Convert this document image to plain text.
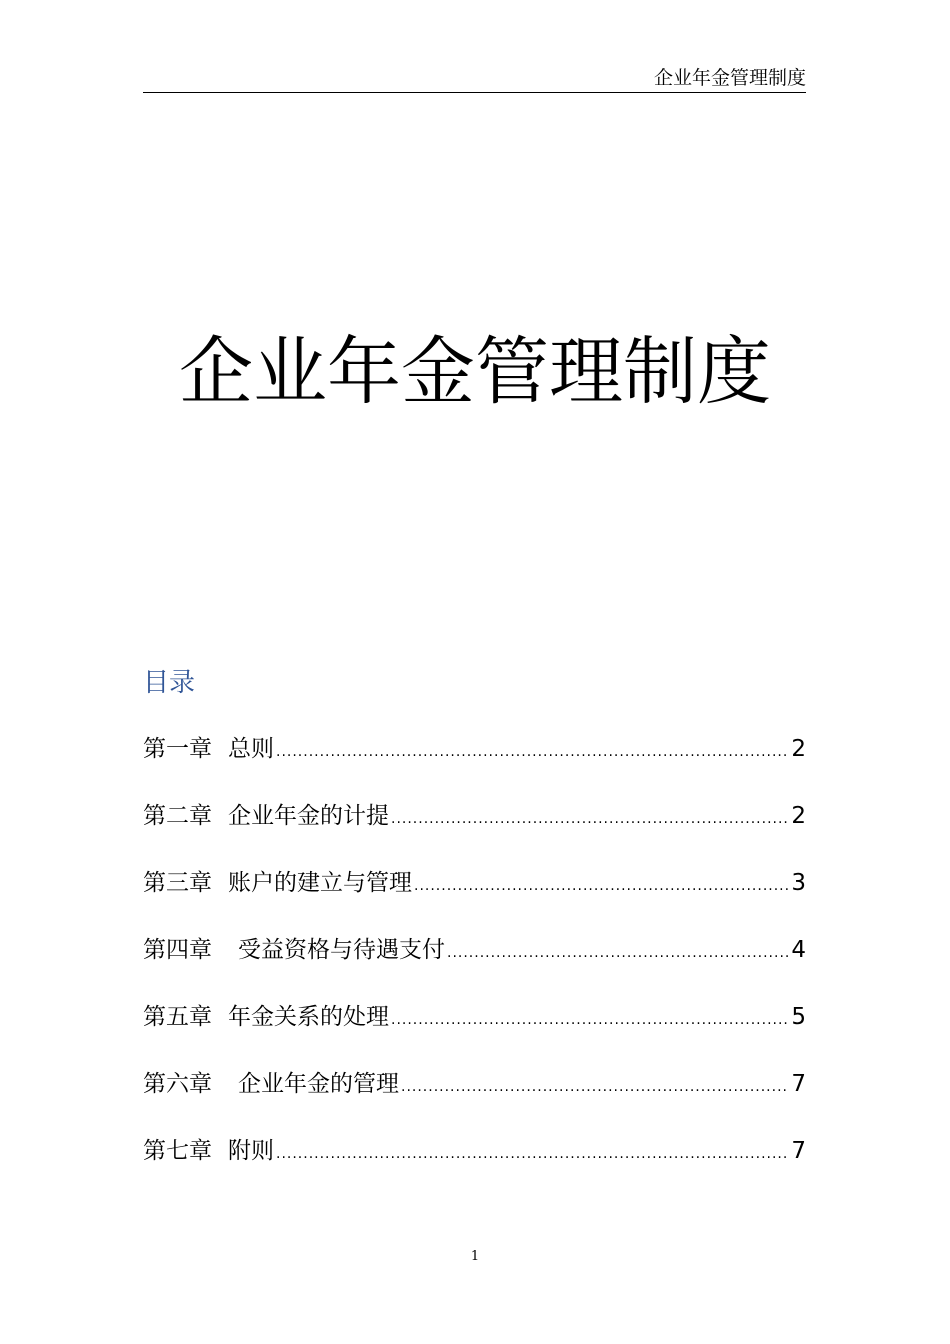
企业年金管理制度
企业年金管理制度
目录
第一章 总则 .....	2
第二章 企业年金的计提 .....	2
第三章 账户的建立与管理 .....	3
第四章 受益资格与待遇支付 .....	4
第五章 年金关系的处理 .....	5
第六章 企业年金的管理 .....	7
第七章 附则 .....	7
1
